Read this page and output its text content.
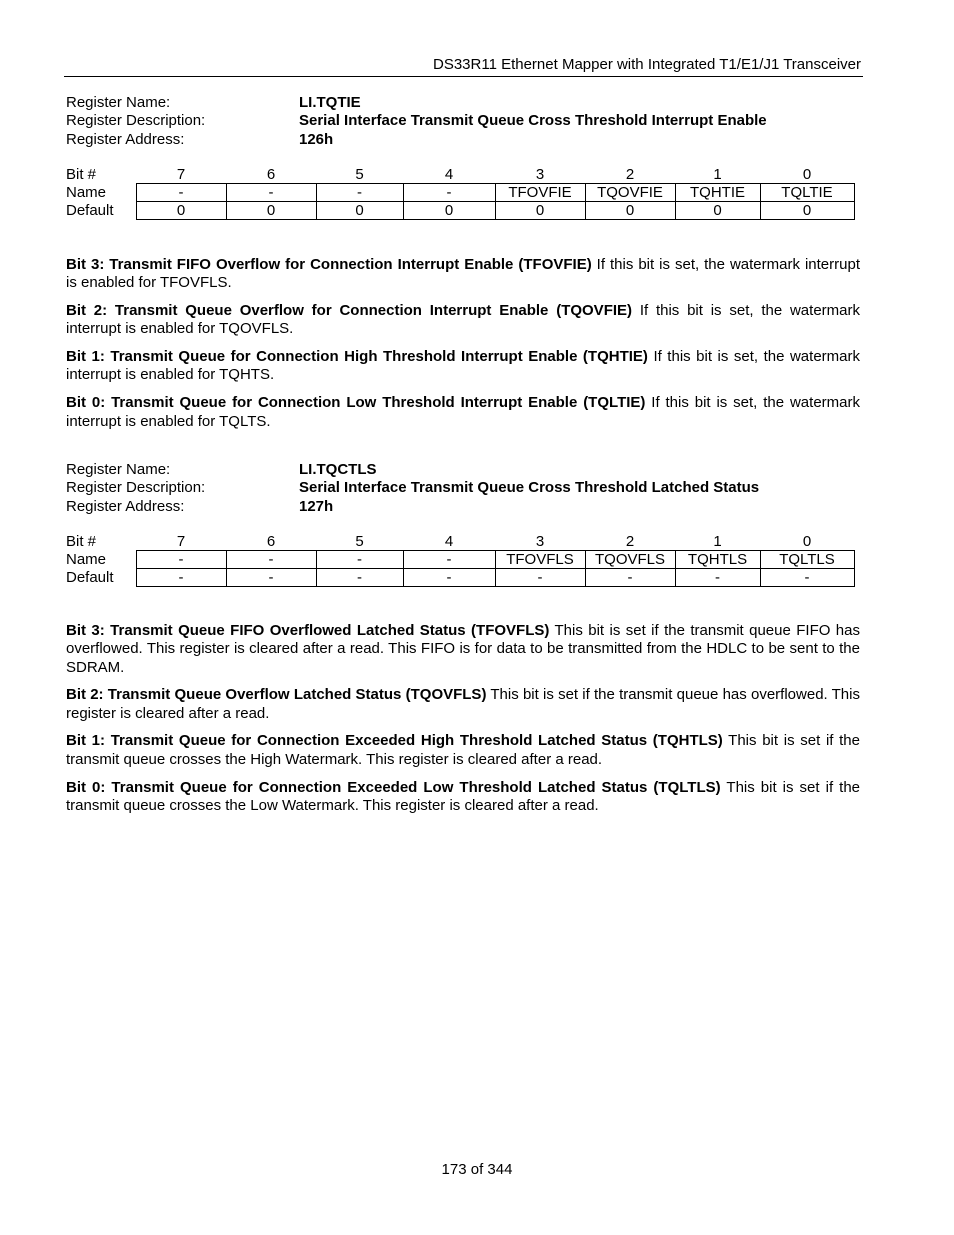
DS33R11 Ethernet Mapper with Integrated T1/E1/J1 Transceiver
Register Name:	LI.TQTIE
Register Description:	Serial Interface Transmit Queue Cross Threshold Interrupt Enable
Register Address:	126h
Bit #	7	6	5	4	3	2	1	0
Name	-	-	-	-	TFOVFIE	TQOVFIE	TQHTIE	TQLTIE
Default	0	0	0	0	0	0	0	0

Bit 3: Transmit FIFO Overflow for Connection Interrupt Enable (TFOVFIE) If this bit is set, the watermark interrupt is enabled for TFOVFLS.

Bit 2: Transmit Queue Overflow for Connection Interrupt Enable (TQOVFIE) If this bit is set, the watermark interrupt is enabled for TQOVFLS.

Bit 1: Transmit Queue for Connection High Threshold Interrupt Enable (TQHTIE) If this bit is set, the watermark interrupt is enabled for TQHTS.

Bit 0: Transmit Queue for Connection Low Threshold Interrupt Enable (TQLTIE) If this bit is set, the watermark interrupt is enabled for TQLTS.

Register Name:	LI.TQCTLS
Register Description:	Serial Interface Transmit Queue Cross Threshold Latched Status
Register Address:	127h
Bit #	7	6	5	4	3	2	1	0
Name	-	-	-	-	TFOVFLS	TQOVFLS	TQHTLS	TQLTLS
Default	-	-	-	-	-	-	-	-

Bit 3: Transmit Queue FIFO Overflowed Latched Status (TFOVFLS) This bit is set if the transmit queue FIFO has overflowed. This register is cleared after a read. This FIFO is for data to be transmitted from the HDLC to be sent to the SDRAM.

Bit 2: Transmit Queue Overflow Latched Status (TQOVFLS) This bit is set if the transmit queue has overflowed. This register is cleared after a read.

Bit 1: Transmit Queue for Connection Exceeded High Threshold Latched Status (TQHTLS) This bit is set if the transmit queue crosses the High Watermark. This register is cleared after a read.

Bit 0: Transmit Queue for Connection Exceeded Low Threshold Latched Status (TQLTLS) This bit is set if the transmit queue crosses the Low Watermark. This register is cleared after a read.

173 of 344
